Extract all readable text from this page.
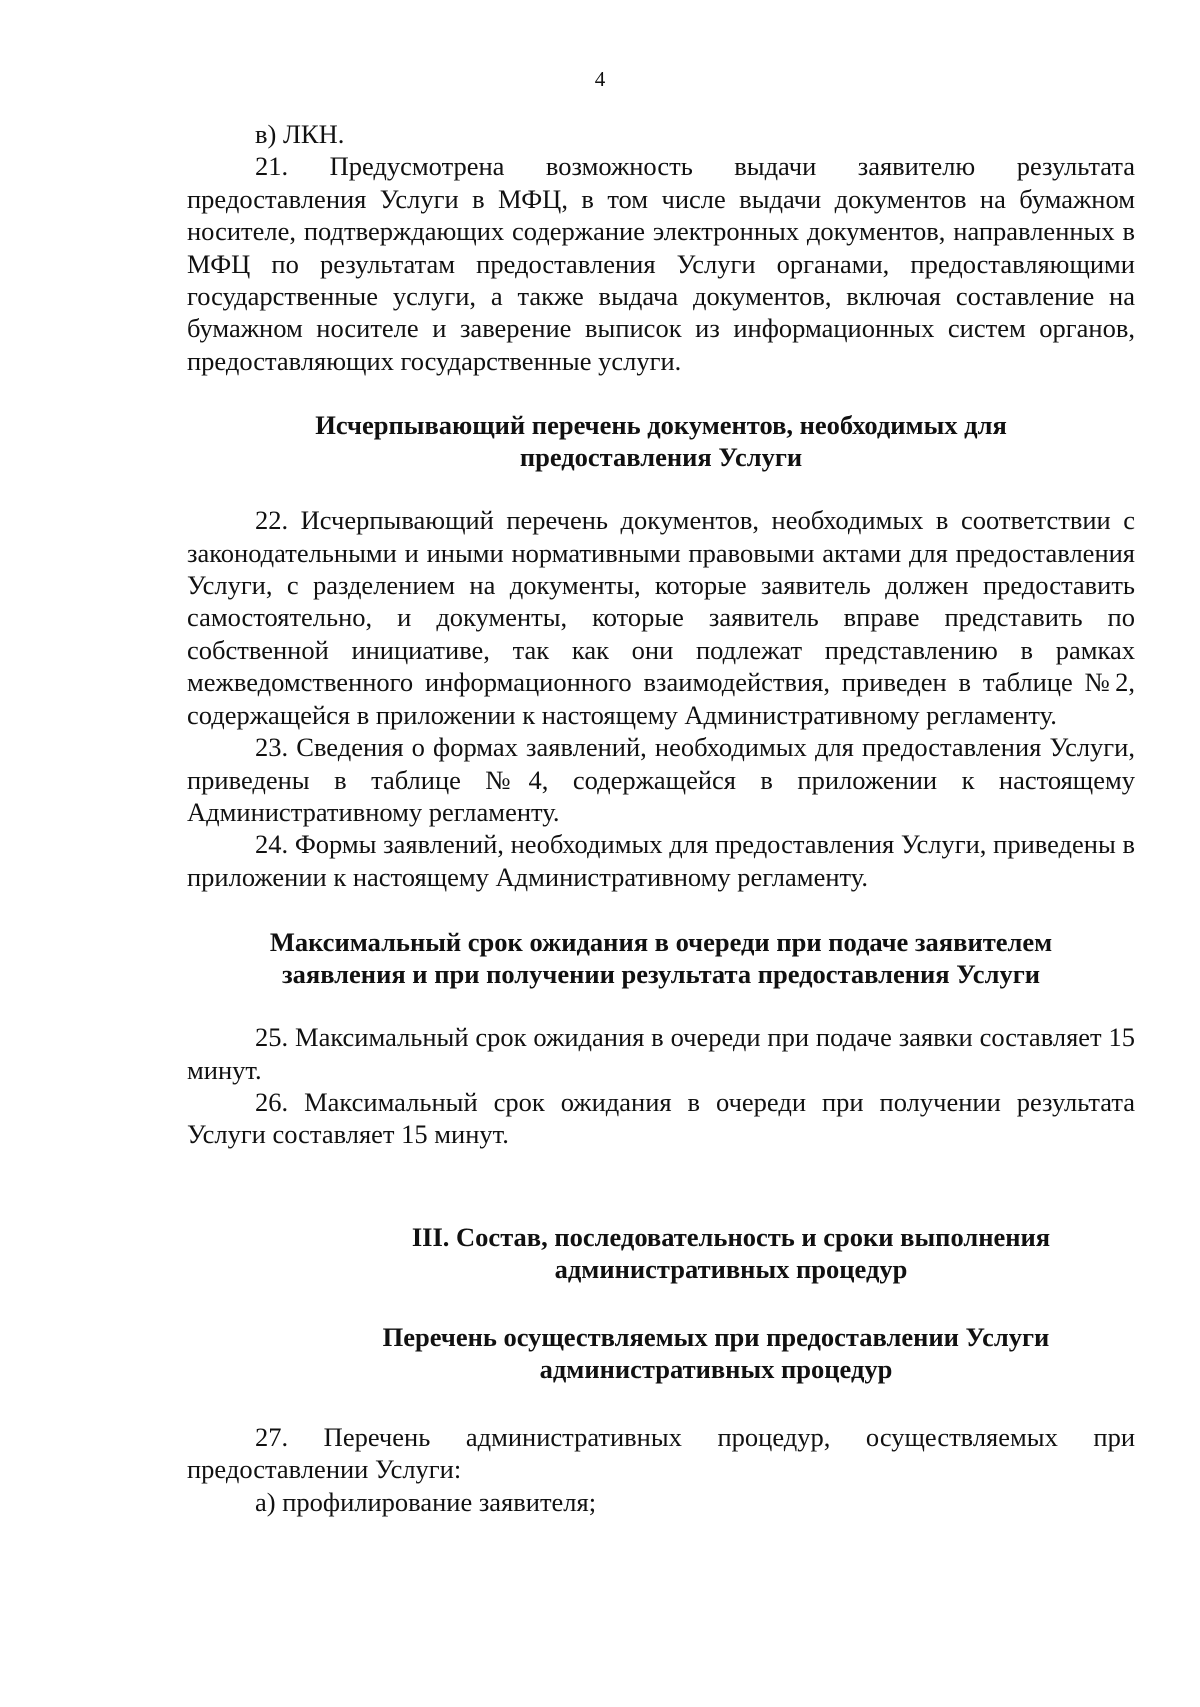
4

в) ЛКН.

21. Предусмотрена возможность выдачи заявителю результата предоставления Услуги в МФЦ, в том числе выдачи документов на бумажном носителе, подтверждающих содержание электронных документов, направленных в МФЦ по результатам предоставления Услуги органами, предоставляющими государственные услуги, а также выдача документов, включая составление на бумажном носителе и заверение выписок из информационных систем органов, предоставляющих государственные услуги.

Исчерпывающий перечень документов, необходимых для предоставления Услуги

22. Исчерпывающий перечень документов, необходимых в соответствии с законодательными и иными нормативными правовыми актами для предоставления Услуги, с разделением на документы, которые заявитель должен предоставить самостоятельно, и документы, которые заявитель вправе представить по собственной инициативе, так как они подлежат представлению в рамках межведомственного информационного взаимодействия, приведен в таблице №2, содержащейся в приложении к настоящему Административному регламенту.

23. Сведения о формах заявлений, необходимых для предоставления Услуги, приведены в таблице №4, содержащейся в приложении к настоящему Административному регламенту.

24. Формы заявлений, необходимых для предоставления Услуги, приведены в приложении к настоящему Административному регламенту.

Максимальный срок ожидания в очереди при подаче заявителем заявления и при получении результата предоставления Услуги

25. Максимальный срок ожидания в очереди при подаче заявки составляет 15 минут.

26. Максимальный срок ожидания в очереди при получении результата Услуги составляет 15 минут.

III. Состав, последовательность и сроки выполнения административных процедур
Перечень осуществляемых при предоставлении Услуги административных процедур

27. Перечень административных процедур, осуществляемых при предоставлении Услуги:

а) профилирование заявителя;
